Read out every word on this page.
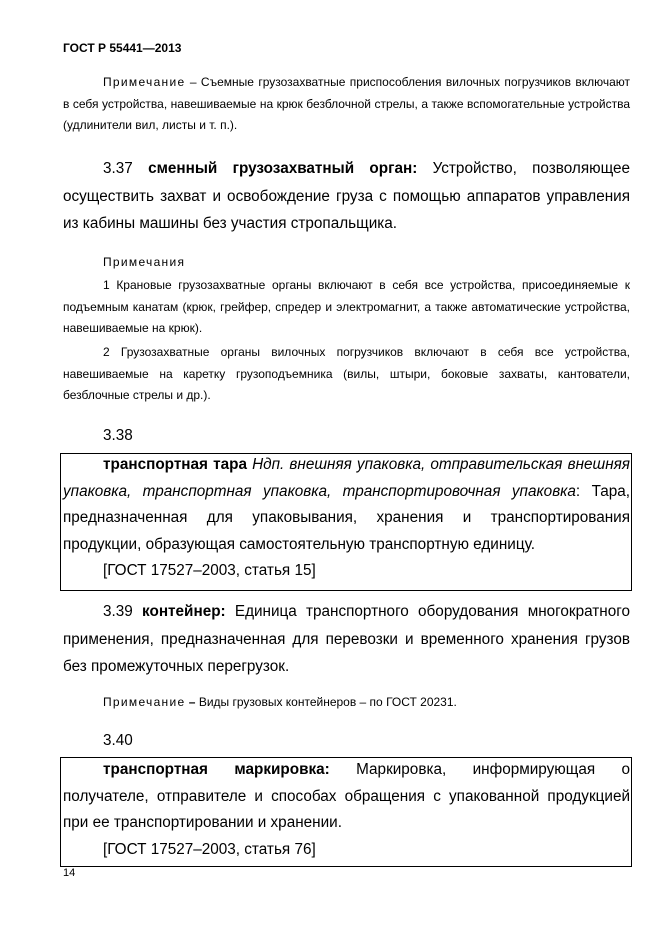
ГОСТ Р 55441—2013
Примечание – Съемные грузозахватные приспособления вилочных погрузчиков включают в себя устройства, навешиваемые на крюк безблочной стрелы, а также вспомогательные устройства (удлинители вил, листы и т. п.).
3.37 сменный грузозахватный орган: Устройство, позволяющее осуществить захват и освобождение груза с помощью аппаратов управления из кабины машины без участия стропальщика.
Примечания
1 Крановые грузозахватные органы включают в себя все устройства, присоединяемые к подъемным канатам (крюк, грейфер, спредер и электромагнит, а также автоматические устройства, навешиваемые на крюк).
2 Грузозахватные органы вилочных погрузчиков включают в себя все устройства, навешиваемые на каретку грузоподъемника (вилы, штыри, боковые захваты, кантователи, безблочные стрелы и др.).
3.38
транспортная тара Ндп. внешняя упаковка, отправительская внешняя упаковка, транспортная упаковка, транспортировочная упаковка: Тара, предназначенная для упаковывания, хранения и транспортирования продукции, образующая самостоятельную транспортную единицу.
[ГОСТ 17527–2003, статья 15]
3.39 контейнер: Единица транспортного оборудования многократного применения, предназначенная для перевозки и временного хранения грузов без промежуточных перегрузок.
Примечание – Виды грузовых контейнеров – по ГОСТ 20231.
3.40
транспортная маркировка: Маркировка, информирующая о получателе, отправителе и способах обращения с упакованной продукцией при ее транспортировании и хранении.
[ГОСТ 17527–2003, статья 76]
14
